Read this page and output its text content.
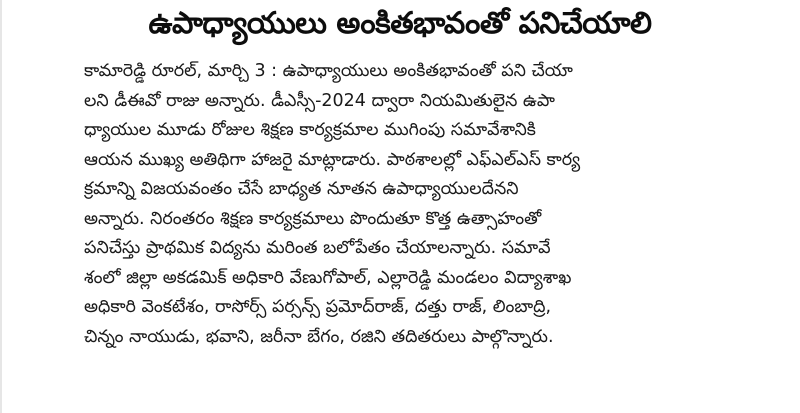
ఉపాధ్యాయులు అంకితభావంతో పనిచేయాలి
కామారెడ్డి రూరల్, మార్చి 3 : ఉపాధ్యాయులు అంకితభావంతో పని చేయా
లని డీఈవో రాజు అన్నారు. డీఎస్సీ-2024 ద్వారా నియమితులైన ఉపా
ధ్యాయుల మూడు రోజుల శిక్షణ కార్యక్రమాల ముగింపు సమావేశానికి
ఆయన ముఖ్య అతిథిగా హాజరై మాట్లాడారు. పాఠశాలల్లో ఎఫ్ఎల్ఎస్ కార్య
క్రమాన్ని విజయవంతం చేసే బాధ్యత నూతన ఉపాధ్యాయులదేనని
అన్నారు. నిరంతరం శిక్షణ కార్యక్రమాలు పొందుతూ కొత్త ఉత్సాహంతో
పనిచేస్తు ప్రాథమిక విద్యను మరింత బలోపేతం చేయాలన్నారు. సమావే
శంలో జిల్లా అకడమిక్ అధికారి వేణుగోపాల్, ఎల్లారెడ్డి మండలం విద్యాశాఖ
అధికారి వెంకటేశం, రాసోర్స్ పర్సన్స్ ప్రమోద్‌రాజ్, దత్తు రాజ్, లింబాద్రి,
చిన్నం నాయుడు, భవాని, జరీనా బేగం, రజిని తదితరులు పాల్గొన్నారు.
